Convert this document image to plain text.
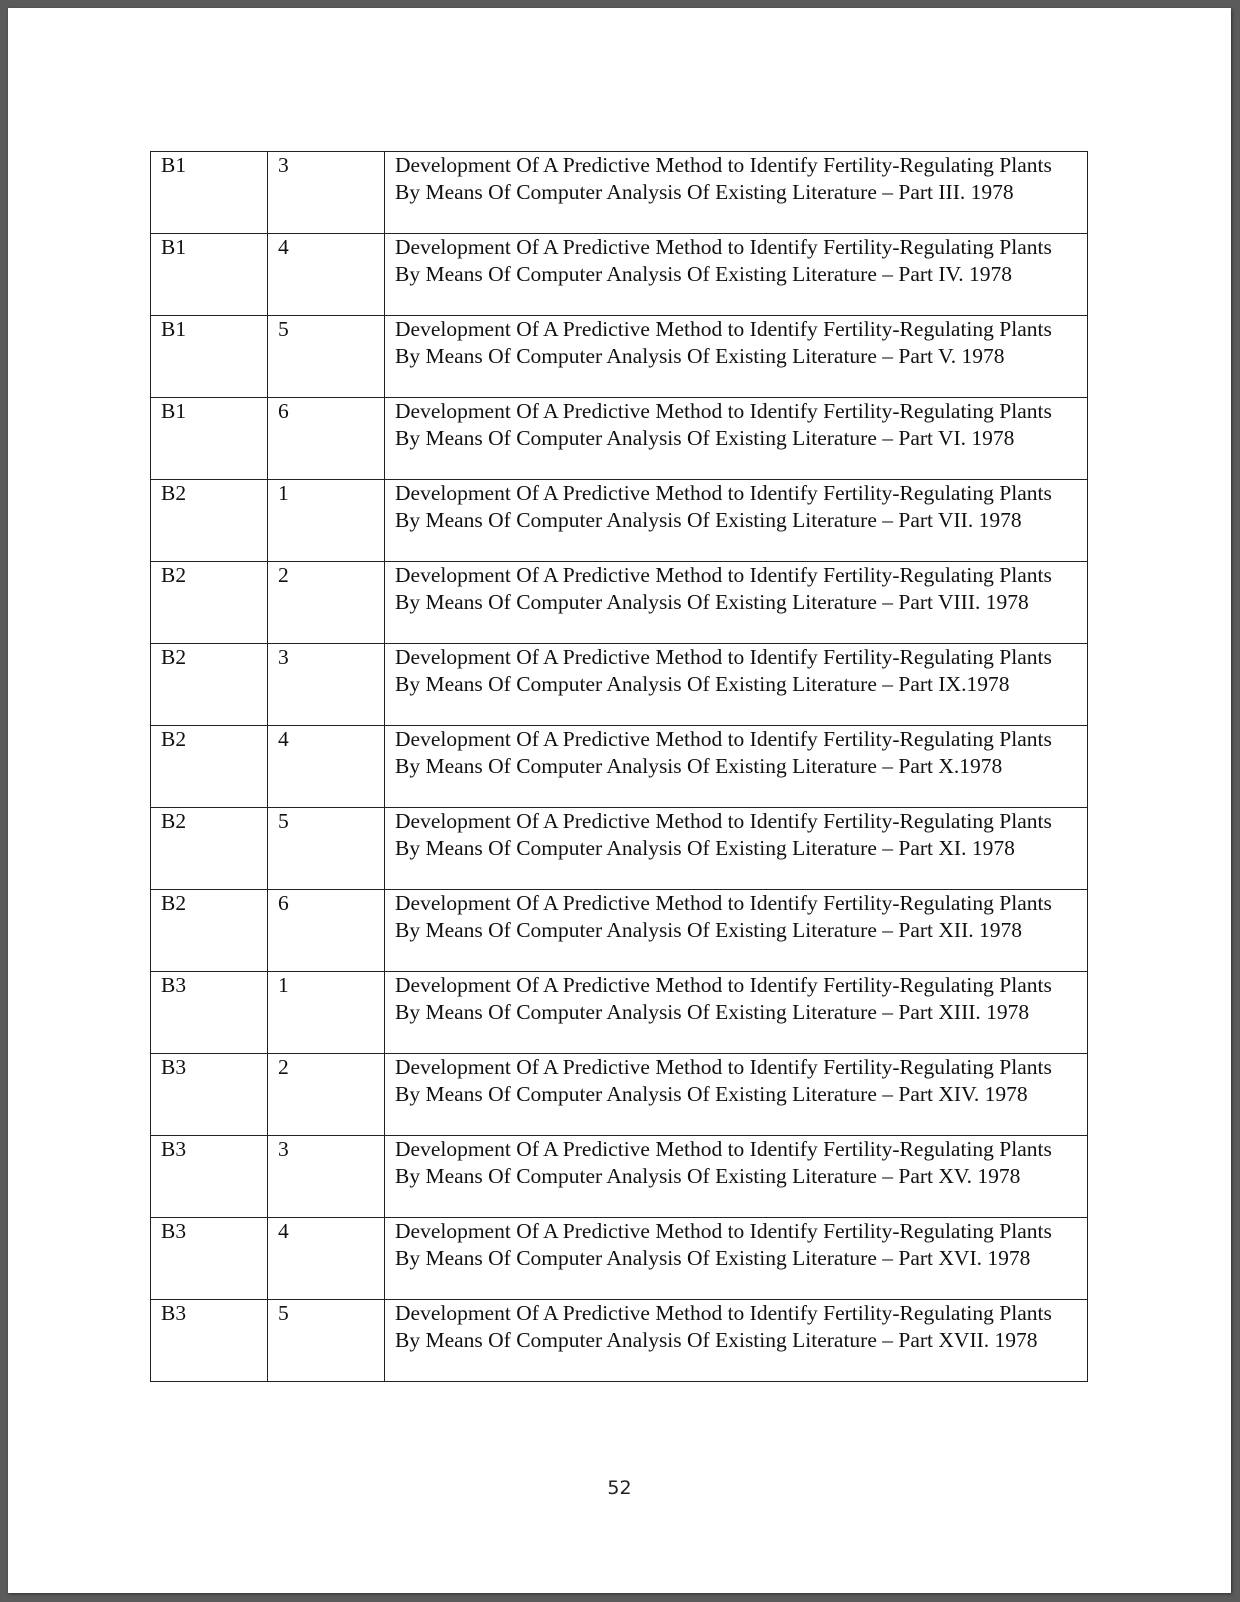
B1	3	Development Of A Predictive Method to Identify Fertility-Regulating Plants By Means Of Computer Analysis Of Existing Literature – Part III. 1978
B1	4	Development Of A Predictive Method to Identify Fertility-Regulating Plants By Means Of Computer Analysis Of Existing Literature – Part IV. 1978
B1	5	Development Of A Predictive Method to Identify Fertility-Regulating Plants By Means Of Computer Analysis Of Existing Literature – Part V. 1978
B1	6	Development Of A Predictive Method to Identify Fertility-Regulating Plants By Means Of Computer Analysis Of Existing Literature – Part VI. 1978
B2	1	Development Of A Predictive Method to Identify Fertility-Regulating Plants By Means Of Computer Analysis Of Existing Literature – Part VII. 1978
B2	2	Development Of A Predictive Method to Identify Fertility-Regulating Plants By Means Of Computer Analysis Of Existing Literature – Part VIII. 1978
B2	3	Development Of A Predictive Method to Identify Fertility-Regulating Plants By Means Of Computer Analysis Of Existing Literature – Part IX.1978
B2	4	Development Of A Predictive Method to Identify Fertility-Regulating Plants By Means Of Computer Analysis Of Existing Literature – Part X.1978
B2	5	Development Of A Predictive Method to Identify Fertility-Regulating Plants By Means Of Computer Analysis Of Existing Literature – Part XI. 1978
B2	6	Development Of A Predictive Method to Identify Fertility-Regulating Plants By Means Of Computer Analysis Of Existing Literature – Part XII. 1978
B3	1	Development Of A Predictive Method to Identify Fertility-Regulating Plants By Means Of Computer Analysis Of Existing Literature – Part XIII. 1978
B3	2	Development Of A Predictive Method to Identify Fertility-Regulating Plants By Means Of Computer Analysis Of Existing Literature – Part XIV. 1978
B3	3	Development Of A Predictive Method to Identify Fertility-Regulating Plants By Means Of Computer Analysis Of Existing Literature – Part XV. 1978
B3	4	Development Of A Predictive Method to Identify Fertility-Regulating Plants By Means Of Computer Analysis Of Existing Literature – Part XVI. 1978
B3	5	Development Of A Predictive Method to Identify Fertility-Regulating Plants By Means Of Computer Analysis Of Existing Literature – Part XVII. 1978
52
